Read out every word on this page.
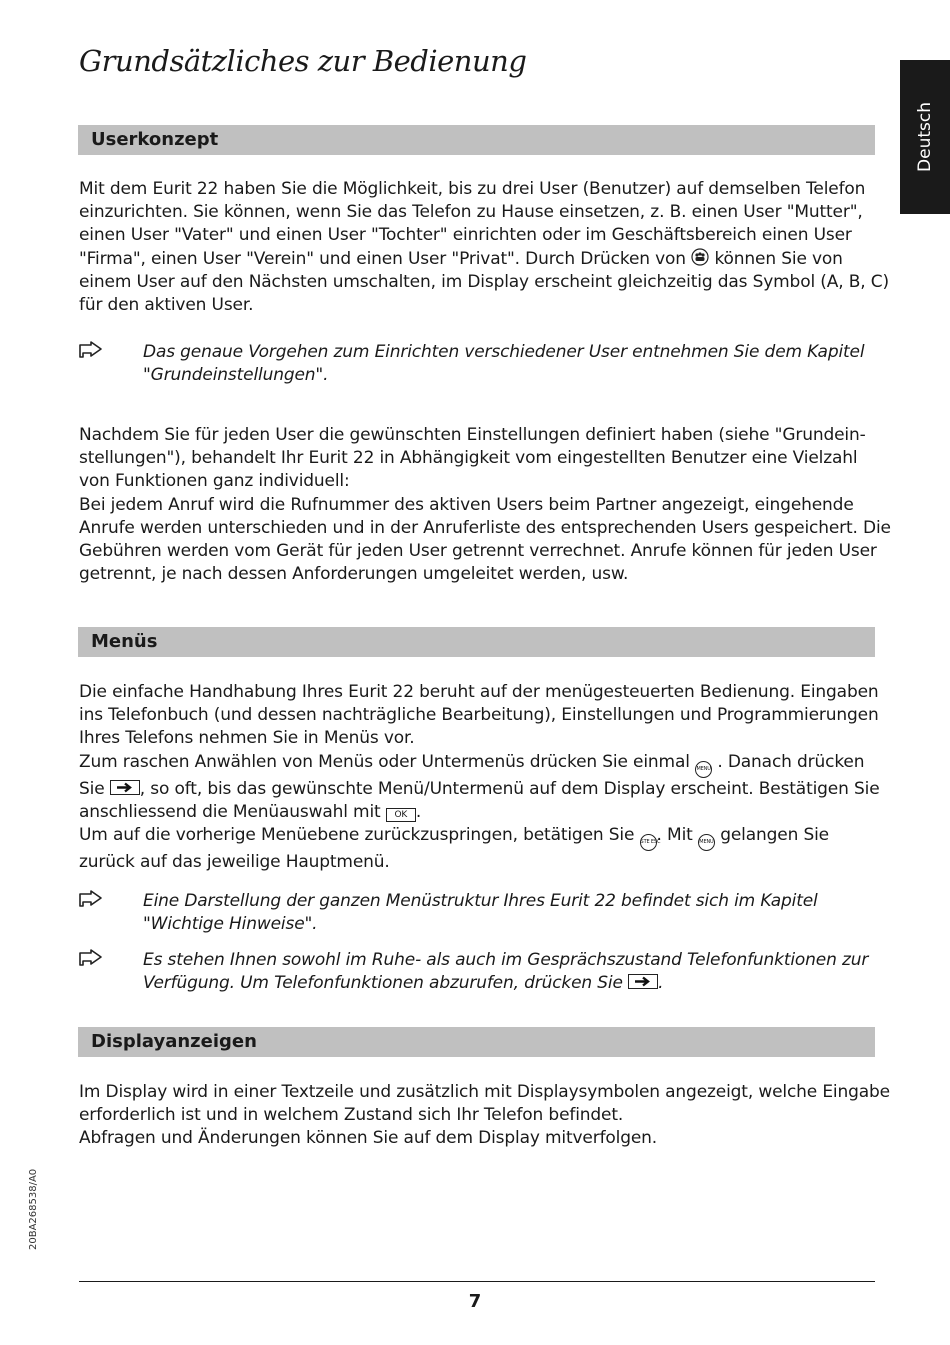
Grundsätzliches zur Bedienung
Deutsch
Userkonzept
Mit dem Eurit 22 haben Sie die Möglichkeit, bis zu drei User (Benutzer) auf demselben Telefon
einzurichten. Sie können, wenn Sie das Telefon zu Hause einsetzen, z. B. einen User "Mutter",
einen User "Vater" und einen User "Tochter" einrichten oder im Geschäftsbereich einen User
"Firma", einen User "Verein" und einen User "Privat". Durch Drücken von können Sie von
einem User auf den Nächsten umschalten, im Display erscheint gleichzeitig das Symbol (A, B, C)
für den aktiven User.
Das genaue Vorgehen zum Einrichten verschiedener User entnehmen Sie dem Kapitel
"Grundeinstellungen".
Nachdem Sie für jeden User die gewünschten Einstellungen definiert haben (siehe "Grundein-
stellungen"), behandelt Ihr Eurit 22 in Abhängigkeit vom eingestellten Benutzer eine Vielzahl
von Funktionen ganz individuell:
Bei jedem Anruf wird die Rufnummer des aktiven Users beim Partner angezeigt, eingehende
Anrufe werden unterschieden und in der Anruferliste des entsprechenden Users gespeichert. Die
Gebühren werden vom Gerät für jeden User getrennt verrechnet. Anrufe können für jeden User
getrennt, je nach dessen Anforderungen umgeleitet werden, usw.
Menüs
Die einfache Handhabung Ihres Eurit 22 beruht auf der menügesteuerten Bedienung. Eingaben
ins Telefonbuch (und dessen nachträgliche Bearbeitung), Einstellungen und Programmierungen
Ihres Telefons nehmen Sie in Menüs vor.
Zum raschen Anwählen von Menüs oder Untermenüs drücken Sie einmal MENU . Danach drücken
Sie , so oft, bis das gewünschte Menü/Untermenü auf dem Display erscheint. Bestätigen Sie
anschliessend die Menüauswahl mit OK .
Um auf die vorherige Menüebene zurückzuspringen, betätigen Sie STE ESC. Mit MENU gelangen Sie
zurück auf das jeweilige Hauptmenü.
Eine Darstellung der ganzen Menüstruktur Ihres Eurit 22 befindet sich im Kapitel
"Wichtige Hinweise".
Es stehen Ihnen sowohl im Ruhe- als auch im Gesprächszustand Telefonfunktionen zur
Verfügung. Um Telefonfunktionen abzurufen, drücken Sie .
Displayanzeigen
Im Display wird in einer Textzeile und zusätzlich mit Displaysymbolen angezeigt, welche Eingabe
erforderlich ist und in welchem Zustand sich Ihr Telefon befindet.
Abfragen und Änderungen können Sie auf dem Display mitverfolgen.
7
20BA268538/A0
